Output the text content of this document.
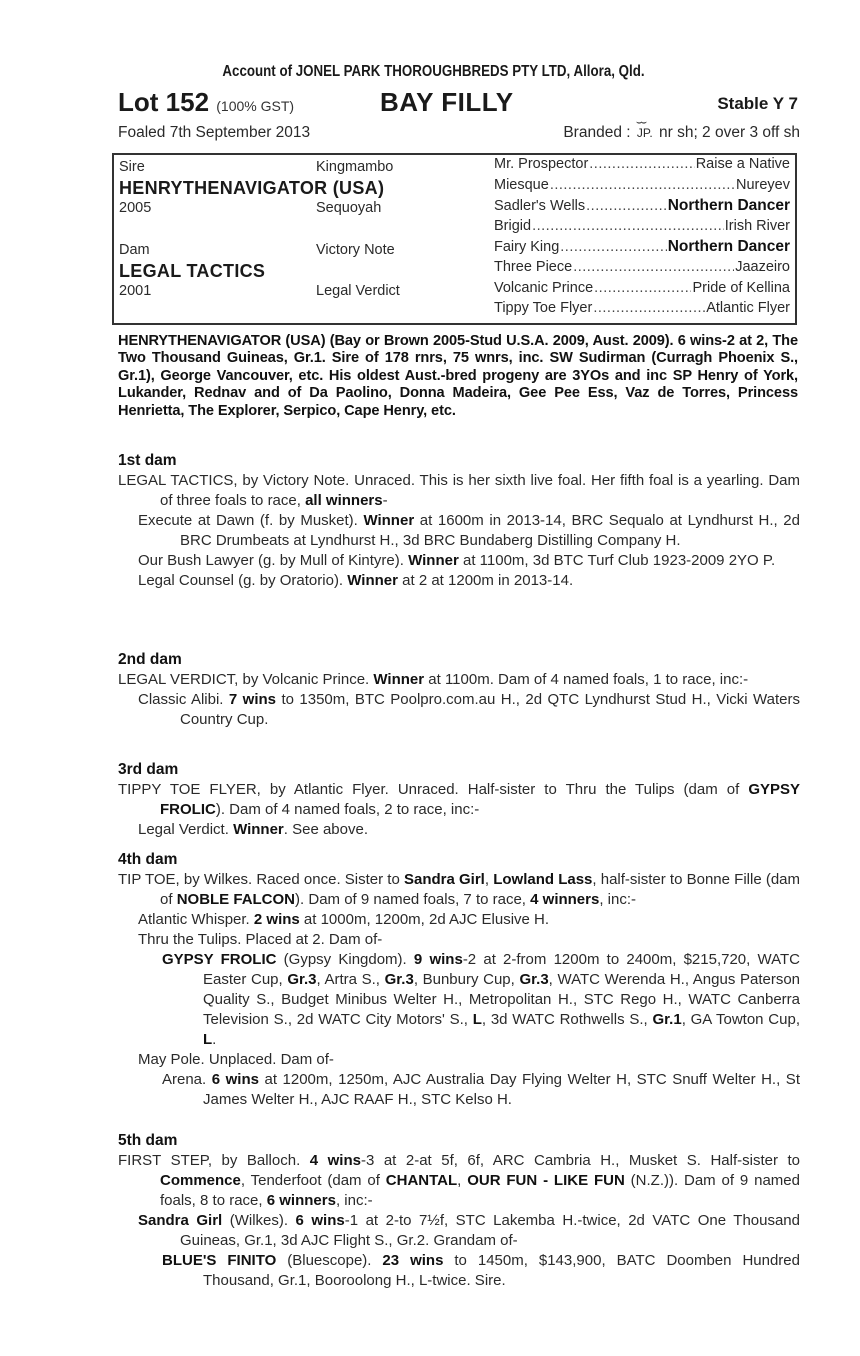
Account of JONEL PARK THOROUGHBREDS PTY LTD, Allora, Qld.
Lot 152 (100% GST)	BAY FILLY	Stable Y 7
Foaled 7th September 2013	Branded :
⌣⌣
JP. nr sh; 2 over 3 off sh
Sire	Kingmambo
HENRYTHENAVIGATOR (USA)
2005	Sequoyah
Dam	Victory Note
LEGAL TACTICS
2001	Legal Verdict
Mr. Prospector .....	Raise a Native
Miesque .....	Nureyev
Sadler's Wells .....	Northern Dancer
Brigid .....	Irish River
Fairy King .....	Northern Dancer
Three Piece .....	Jaazeiro
Volcanic Prince .....	Pride of Kellina
Tippy Toe Flyer .....	Atlantic Flyer
HENRYTHENAVIGATOR (USA) (Bay or Brown 2005-Stud U.S.A. 2009, Aust. 2009). 6 wins-2 at 2, The Two Thousand Guineas, Gr.1. Sire of 178 rnrs, 75 wnrs, inc. SW Sudirman (Curragh Phoenix S., Gr.1), George Vancouver, etc. His oldest Aust.-bred progeny are 3YOs and inc SP Henry of York, Lukander, Rednav and of Da Paolino, Donna Madeira, Gee Pee Ess, Vaz de Torres, Princess Henrietta, The Explorer, Serpico, Cape Henry, etc.
1st dam
LEGAL TACTICS, by Victory Note. Unraced. This is her sixth live foal. Her fifth foal is a yearling. Dam of three foals to race, all winners-
Execute at Dawn (f. by Musket). Winner at 1600m in 2013-14, BRC Sequalo at Lyndhurst H., 2d BRC Drumbeats at Lyndhurst H., 3d BRC Bundaberg Distilling Company H.
Our Bush Lawyer (g. by Mull of Kintyre). Winner at 1100m, 3d BTC Turf Club 1923-2009 2YO P.
Legal Counsel (g. by Oratorio). Winner at 2 at 1200m in 2013-14.
2nd dam
LEGAL VERDICT, by Volcanic Prince. Winner at 1100m. Dam of 4 named foals, 1 to race, inc:-
Classic Alibi. 7 wins to 1350m, BTC Poolpro.com.au H., 2d QTC Lyndhurst Stud H., Vicki Waters Country Cup.
3rd dam
TIPPY TOE FLYER, by Atlantic Flyer. Unraced. Half-sister to Thru the Tulips (dam of GYPSY FROLIC). Dam of 4 named foals, 2 to race, inc:-
Legal Verdict. Winner. See above.
4th dam
TIP TOE, by Wilkes. Raced once. Sister to Sandra Girl, Lowland Lass, half-sister to Bonne Fille (dam of NOBLE FALCON). Dam of 9 named foals, 7 to race, 4 winners, inc:-
Atlantic Whisper. 2 wins at 1000m, 1200m, 2d AJC Elusive H.
Thru the Tulips. Placed at 2. Dam of-
GYPSY FROLIC (Gypsy Kingdom). 9 wins-2 at 2-from 1200m to 2400m, $215,720, WATC Easter Cup, Gr.3, Artra S., Gr.3, Bunbury Cup, Gr.3, WATC Werenda H., Angus Paterson Quality S., Budget Minibus Welter H., Metropolitan H., STC Rego H., WATC Canberra Television S., 2d WATC City Motors' S., L, 3d WATC Rothwells S., Gr.1, GA Towton Cup, L.
May Pole. Unplaced. Dam of-
Arena. 6 wins at 1200m, 1250m, AJC Australia Day Flying Welter H, STC Snuff Welter H., St James Welter H., AJC RAAF H., STC Kelso H.
5th dam
FIRST STEP, by Balloch. 4 wins-3 at 2-at 5f, 6f, ARC Cambria H., Musket S. Half-sister to Commence, Tenderfoot (dam of CHANTAL, OUR FUN - LIKE FUN (N.Z.)). Dam of 9 named foals, 8 to race, 6 winners, inc:-
Sandra Girl (Wilkes). 6 wins-1 at 2-to 7½f, STC Lakemba H.-twice, 2d VATC One Thousand Guineas, Gr.1, 3d AJC Flight S., Gr.2. Grandam of-
BLUE'S FINITO (Bluescope). 23 wins to 1450m, $143,900, BATC Doomben Hundred Thousand, Gr.1, Booroolong H., L-twice. Sire.
